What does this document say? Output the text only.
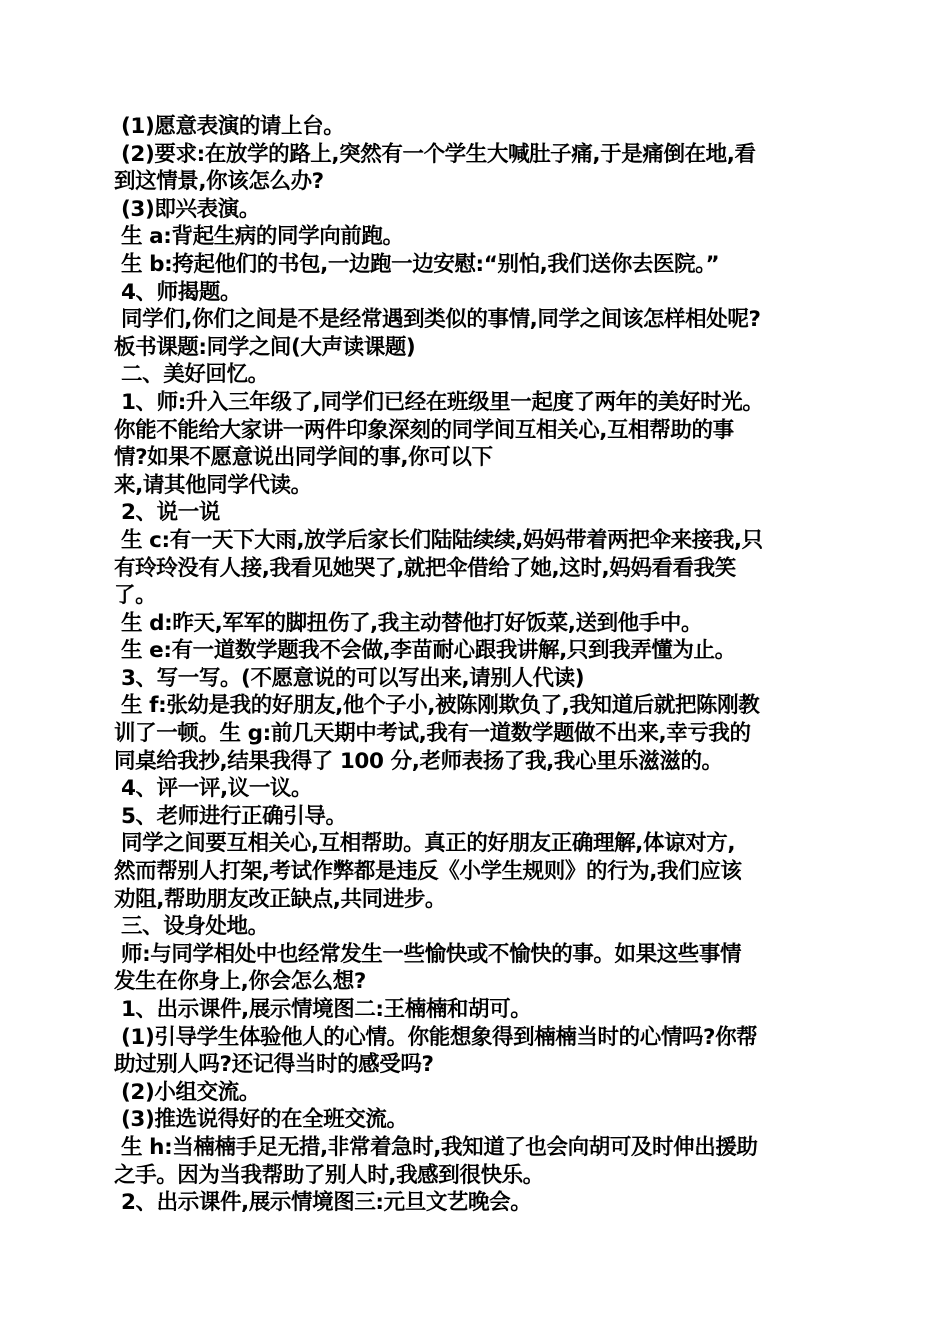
(1)愿意表演的请上台。
(2)要求:在放学的路上,突然有一个学生大喊肚子痛,于是痛倒在地,看
到这情景,你该怎么办?
(3)即兴表演。
生 a:背起生病的同学向前跑。
生 b:挎起他们的书包,一边跑一边安慰:“别怕,我们送你去医院。”
4、师揭题。
同学们,你们之间是不是经常遇到类似的事情,同学之间该怎样相处呢?
板书课题:同学之间(大声读课题)
二、美好回忆。
1、师:升入三年级了,同学们已经在班级里一起度了两年的美好时光。
你能不能给大家讲一两件印象深刻的同学间互相关心,互相帮助的事
情?如果不愿意说出同学间的事,你可以下
来,请其他同学代读。
2、说一说
生 c:有一天下大雨,放学后家长们陆陆续续,妈妈带着两把伞来接我,只
有玲玲没有人接,我看见她哭了,就把伞借给了她,这时,妈妈看看我笑
了。
生 d:昨天,军军的脚扭伤了,我主动替他打好饭菜,送到他手中。
生 e:有一道数学题我不会做,李苗耐心跟我讲解,只到我弄懂为止。
3、写一写。(不愿意说的可以写出来,请别人代读)
生 f:张幼是我的好朋友,他个子小,被陈刚欺负了,我知道后就把陈刚教
训了一顿。生 g:前几天期中考试,我有一道数学题做不出来,幸亏我的
同桌给我抄,结果我得了 100 分,老师表扬了我,我心里乐滋滋的。
4、评一评,议一议。
5、老师进行正确引导。
同学之间要互相关心,互相帮助。真正的好朋友正确理解,体谅对方,
然而帮别人打架,考试作弊都是违反《小学生规则》的行为,我们应该
劝阻,帮助朋友改正缺点,共同进步。
三、设身处地。
师:与同学相处中也经常发生一些愉快或不愉快的事。如果这些事情
发生在你身上,你会怎么想?
1、出示课件,展示情境图二:王楠楠和胡可。
(1)引导学生体验他人的心情。你能想象得到楠楠当时的心情吗?你帮
助过别人吗?还记得当时的感受吗?
(2)小组交流。
(3)推选说得好的在全班交流。
生 h:当楠楠手足无措,非常着急时,我知道了也会向胡可及时伸出援助
之手。因为当我帮助了别人时,我感到很快乐。
2、出示课件,展示情境图三:元旦文艺晚会。
